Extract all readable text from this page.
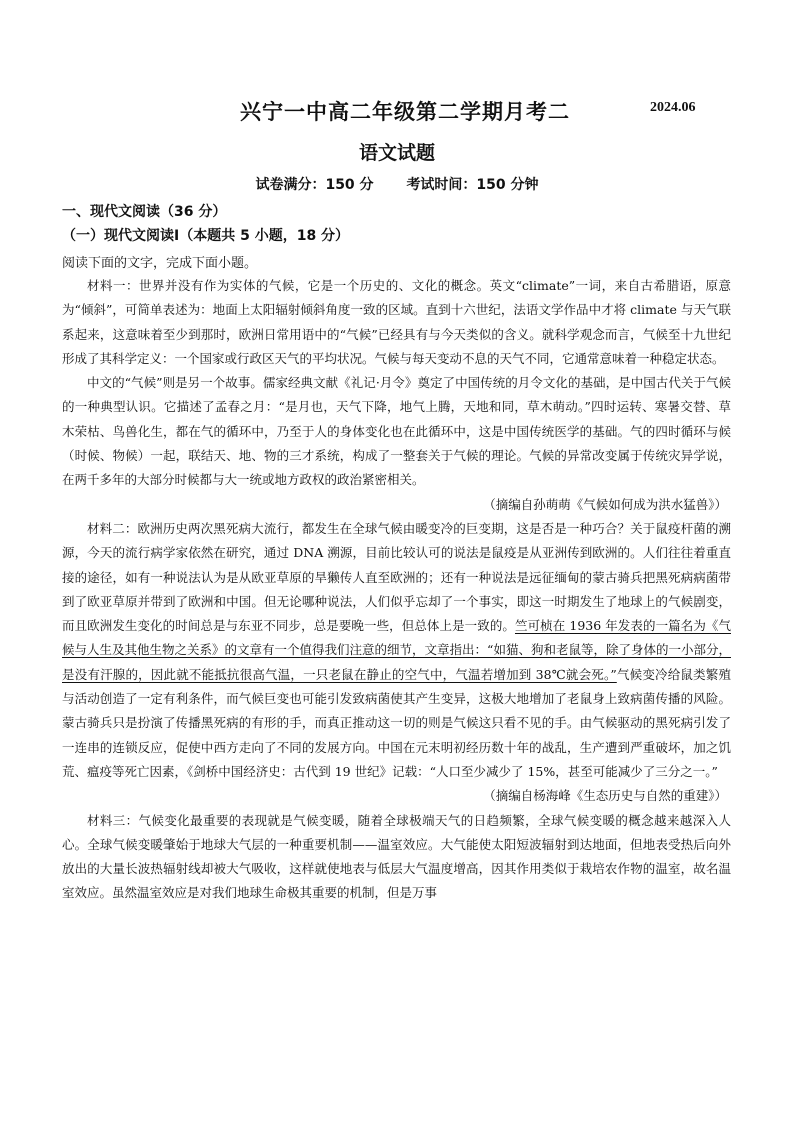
兴宁一中高二年级第二学期月考二	2024.06
语文试题
试卷满分：150 分 考试时间：150 分钟
一、现代文阅读（36 分）
（一）现代文阅读Ⅰ（本题共 5 小题，18 分）
阅读下面的文字，完成下面小题。

材料一：世界并没有作为实体的气候，它是一个历史的、文化的概念。英文“climate”一词，来自古希腊语，原意为“倾斜”，可简单表述为：地面上太阳辐射倾斜角度一致的区域。直到十六世纪，法语文学作品中才将 climate 与天气联系起来，这意味着至少到那时，欧洲日常用语中的“气候”已经具有与今天类似的含义。就科学观念而言，气候至十九世纪形成了其科学定义：一个国家或行政区天气的平均状况。气候与每天变动不息的天气不同，它通常意味着一种稳定状态。

中文的“气候”则是另一个故事。儒家经典文献《礼记·月令》奠定了中国传统的月令文化的基础，是中国古代关于气候的一种典型认识。它描述了孟春之月：“是月也，天气下降，地气上腾，天地和同，草木萌动。”四时运转、寒暑交替、草木荣枯、鸟兽化生，都在气的循环中，乃至于人的身体变化也在此循环中，这是中国传统医学的基础。气的四时循环与候（时候、物候）一起，联结天、地、物的三才系统，构成了一整套关于气候的理论。气候的异常改变属于传统灾异学说，在两千多年的大部分时候都与大一统或地方政权的政治紧密相关。

（摘编自孙萌萌《气候如何成为洪水猛兽》）

材料二：欧洲历史两次黑死病大流行，都发生在全球气候由暖变冷的巨变期，这是否是一种巧合？关于鼠疫杆菌的溯源，今天的流行病学家依然在研究，通过 DNA 溯源，目前比较认可的说法是鼠疫是从亚洲传到欧洲的。人们往往着重直接的途径，如有一种说法认为是从欧亚草原的旱獭传人直至欧洲的；还有一种说法是远征缅甸的蒙古骑兵把黑死病病菌带到了欧亚草原并带到了欧洲和中国。但无论哪种说法，人们似乎忘却了一个事实，即这一时期发生了地球上的气候剧变，而且欧洲发生变化的时间总是与东亚不同步，总是要晚一些，但总体上是一致的。竺可桢在 1936 年发表的一篇名为《气候与人生及其他生物之关系》的文章有一个值得我们注意的细节，文章指出：“如猫、狗和老鼠等，除了身体的一小部分，是没有汗腺的，因此就不能抵抗很高气温，一只老鼠在静止的空气中，气温若增加到 38℃就会死。”气候变冷给鼠类繁殖与活动创造了一定有利条件，而气候巨变也可能引发致病菌使其产生变异，这极大地增加了老鼠身上致病菌传播的风险。蒙古骑兵只是扮演了传播黑死病的有形的手，而真正推动这一切的则是气候这只看不见的手。由气候驱动的黑死病引发了一连串的连锁反应，促使中西方走向了不同的发展方向。中国在元末明初经历数十年的战乱，生产遭到严重破坏，加之饥荒、瘟疫等死亡因素，《剑桥中国经济史：古代到 19 世纪》记载：“人口至少减少了 15%，甚至可能减少了三分之一。”

（摘编自杨海峰《生态历史与自然的重建》）

材料三：气候变化最重要的表现就是气候变暖，随着全球极端天气的日趋频繁，全球气候变暖的概念越来越深入人心。全球气候变暖肇始于地球大气层的一种重要机制——温室效应。大气能使太阳短波辐射到达地面，但地表受热后向外放出的大量长波热辐射线却被大气吸收，这样就使地表与低层大气温度增高，因其作用类似于栽培农作物的温室，故名温室效应。虽然温室效应是对我们地球生命极其重要的机制，但是万事
